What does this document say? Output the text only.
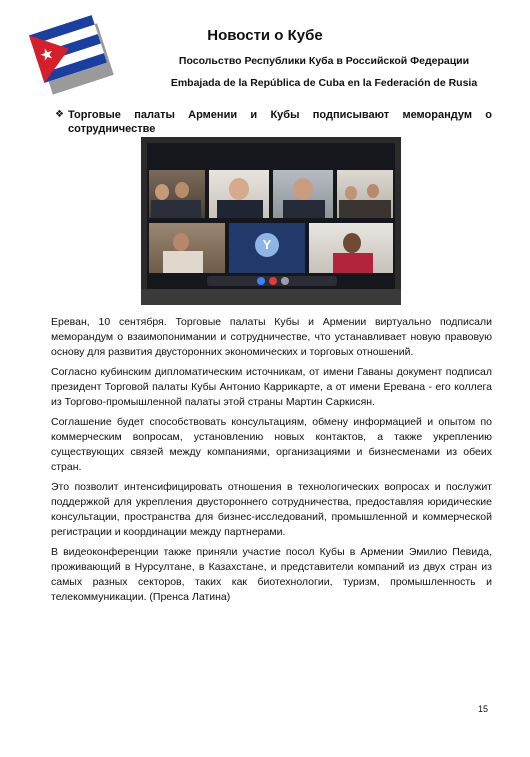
★
Новости о Кубе
Посольство Республики Куба в Российской Федерации
Embajada de la República de Cuba en la Federación de Rusia
❖ Торговые палаты Армении и Кубы подписывают меморандум о сотрудничестве
Y

Ереван, 10 сентября. Торговые палаты Кубы и Армении виртуально подписали меморандум о взаимопонимании и сотрудничестве, что устанавливает новую правовую основу для развития двусторонних экономических и торговых отношений.

Согласно кубинским дипломатическим источникам, от имени Гаваны документ подписал президент Торговой палаты Кубы Антонио Каррикарте, а от имени Еревана - его коллега из Торгово-промышленной палаты этой страны Мартин Саркисян.

Соглашение будет способствовать консультациям, обмену информацией и опытом по коммерческим вопросам, установлению новых контактов, а также укреплению существующих связей между компаниями, организациями и бизнесменами из обеих стран.

Это позволит интенсифицировать отношения в технологических вопросах и послужит поддержкой для укрепления двустороннего сотрудничества, предоставляя юридические консультации, пространства для бизнес-исследований, промышленной и коммерческой регистрации и координации между партнерами.

В видеоконференции также приняли участие посол Кубы в Армении Эмилио Певида, проживающий в Нурсултане, в Казахстане, и представители компаний из двух стран из самых разных секторов, таких как биотехнологии, туризм, промышленность и телекоммуникации. (Пренса Латина)

15
